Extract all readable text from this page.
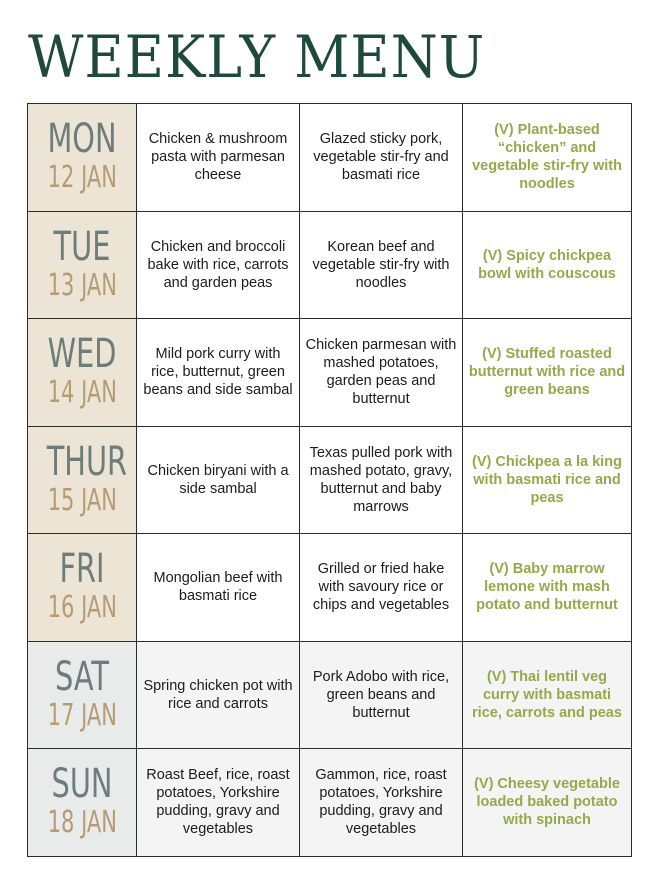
WEEKLY MENU
MON
12 JAN	Chicken & mushroom pasta with parmesan cheese	Glazed sticky pork, vegetable stir-fry and basmati rice	(V) Plant-based “chicken” and vegetable stir-fry with noodles

TUE
13 JAN	Chicken and broccoli bake with rice, carrots and garden peas	Korean beef and vegetable stir-fry with noodles	(V) Spicy chickpea bowl with couscous

WED
14 JAN	Mild pork curry with rice, butternut, green beans and side sambal	Chicken parmesan with mashed potatoes, garden peas and butternut	(V) Stuffed roasted butternut with rice and green beans

THUR
15 JAN	Chicken biryani with a side sambal	Texas pulled pork with mashed potato, gravy, butternut and baby marrows	(V) Chickpea a la king with basmati rice and peas

FRI
16 JAN	Mongolian beef with basmati rice	Grilled or fried hake with savoury rice or chips and vegetables	(V) Baby marrow lemone with mash potato and butternut

SAT
17 JAN	Spring chicken pot with rice and carrots	Pork Adobo with rice, green beans and butternut	(V) Thai lentil veg curry with basmati rice, carrots and peas

SUN
18 JAN	Roast Beef, rice, roast potatoes, Yorkshire pudding, gravy and vegetables	Gammon, rice, roast potatoes, Yorkshire pudding, gravy and vegetables	(V) Cheesy vegetable loaded baked potato with spinach
